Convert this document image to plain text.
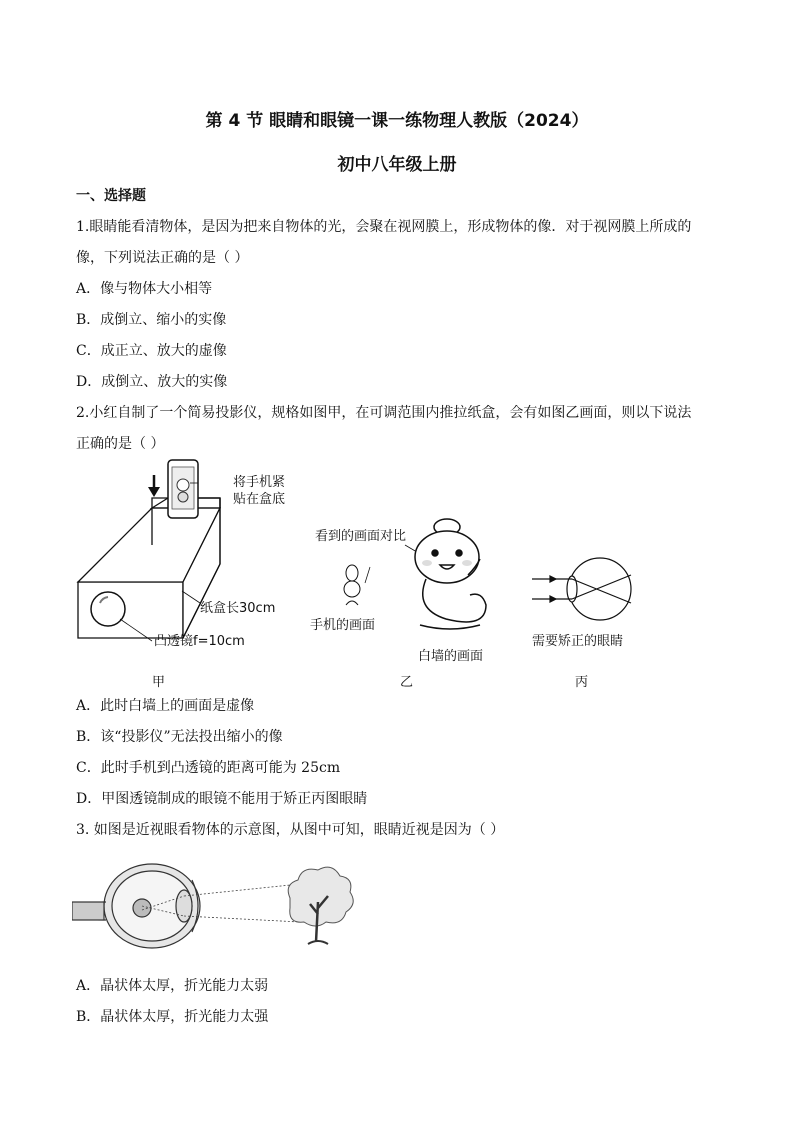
第 4 节 眼睛和眼镜一课一练物理人教版（2024）
初中八年级上册
一、选择题
1.眼睛能看清物体，是因为把来自物体的光，会聚在视网膜上，形成物体的像．对于视网膜上所成的
像，下列说法正确的是（ ）
A．像与物体大小相等
B．成倒立、缩小的实像
C．成正立、放大的虚像
D．成倒立、放大的实像
2.小红自制了一个简易投影仪，规格如图甲，在可调范围内推拉纸盒，会有如图乙画面，则以下说法
正确的是（ ）
将手机紧
贴在盒底
纸盒长30cm
凸透镜f=10cm
甲
看到的画面对比
手机的画面
白墙的画面
乙
需要矫正的眼睛
丙
A．此时白墙上的画面是虚像
B．该“投影仪”无法投出缩小的像
C．此时手机到凸透镜的距离可能为 25cm
D．甲图透镜制成的眼镜不能用于矫正丙图眼睛
3. 如图是近视眼看物体的示意图，从图中可知，眼睛近视是因为（ ）
A．晶状体太厚，折光能力太弱
B．晶状体太厚，折光能力太强
